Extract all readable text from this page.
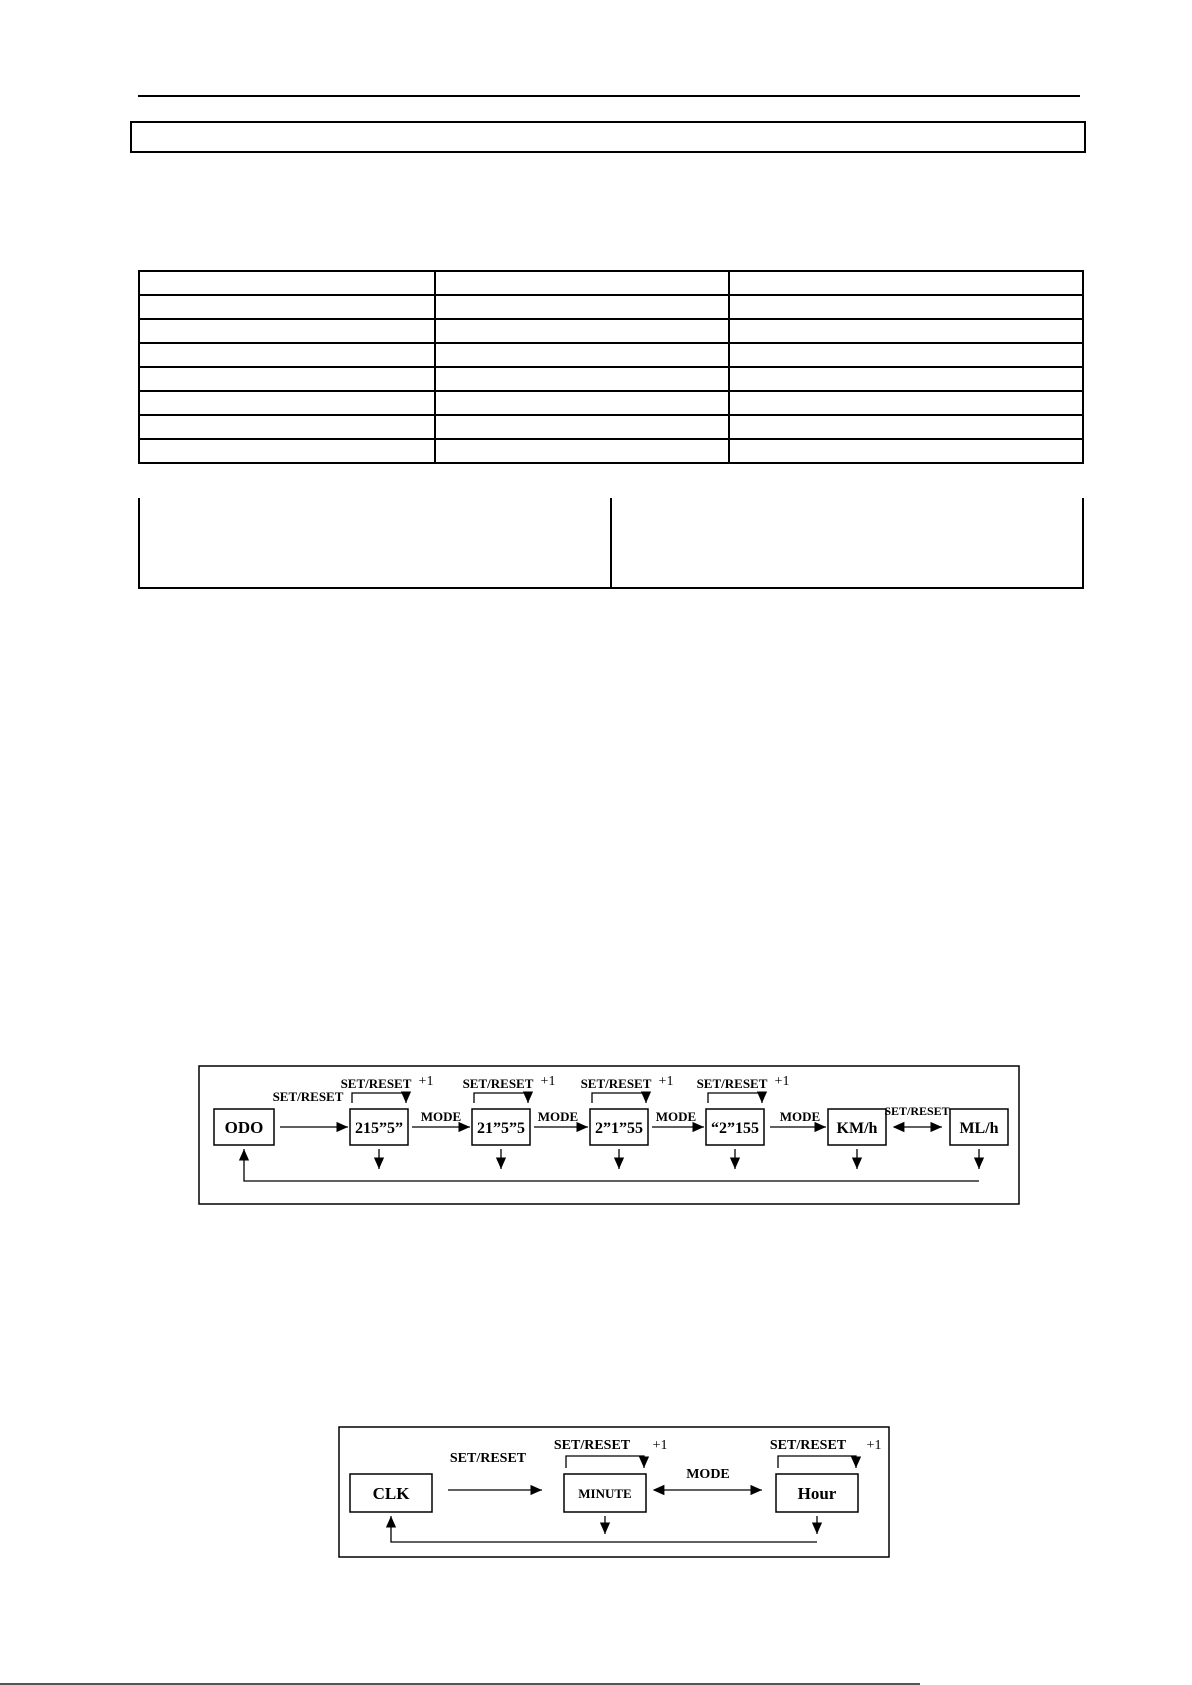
ODO
SET/RESET
215”5”
SET/RESET +1
MODE
21”5”5
SET/RESET +1
MODE
2”1”55
SET/RESET +1
MODE
“2”155
SET/RESET +1
MODE
KM/h
SET/RESET
ML/h
CLK
SET/RESET
MINUTE
SET/RESET +1
MODE
Hour
SET/RESET +1
